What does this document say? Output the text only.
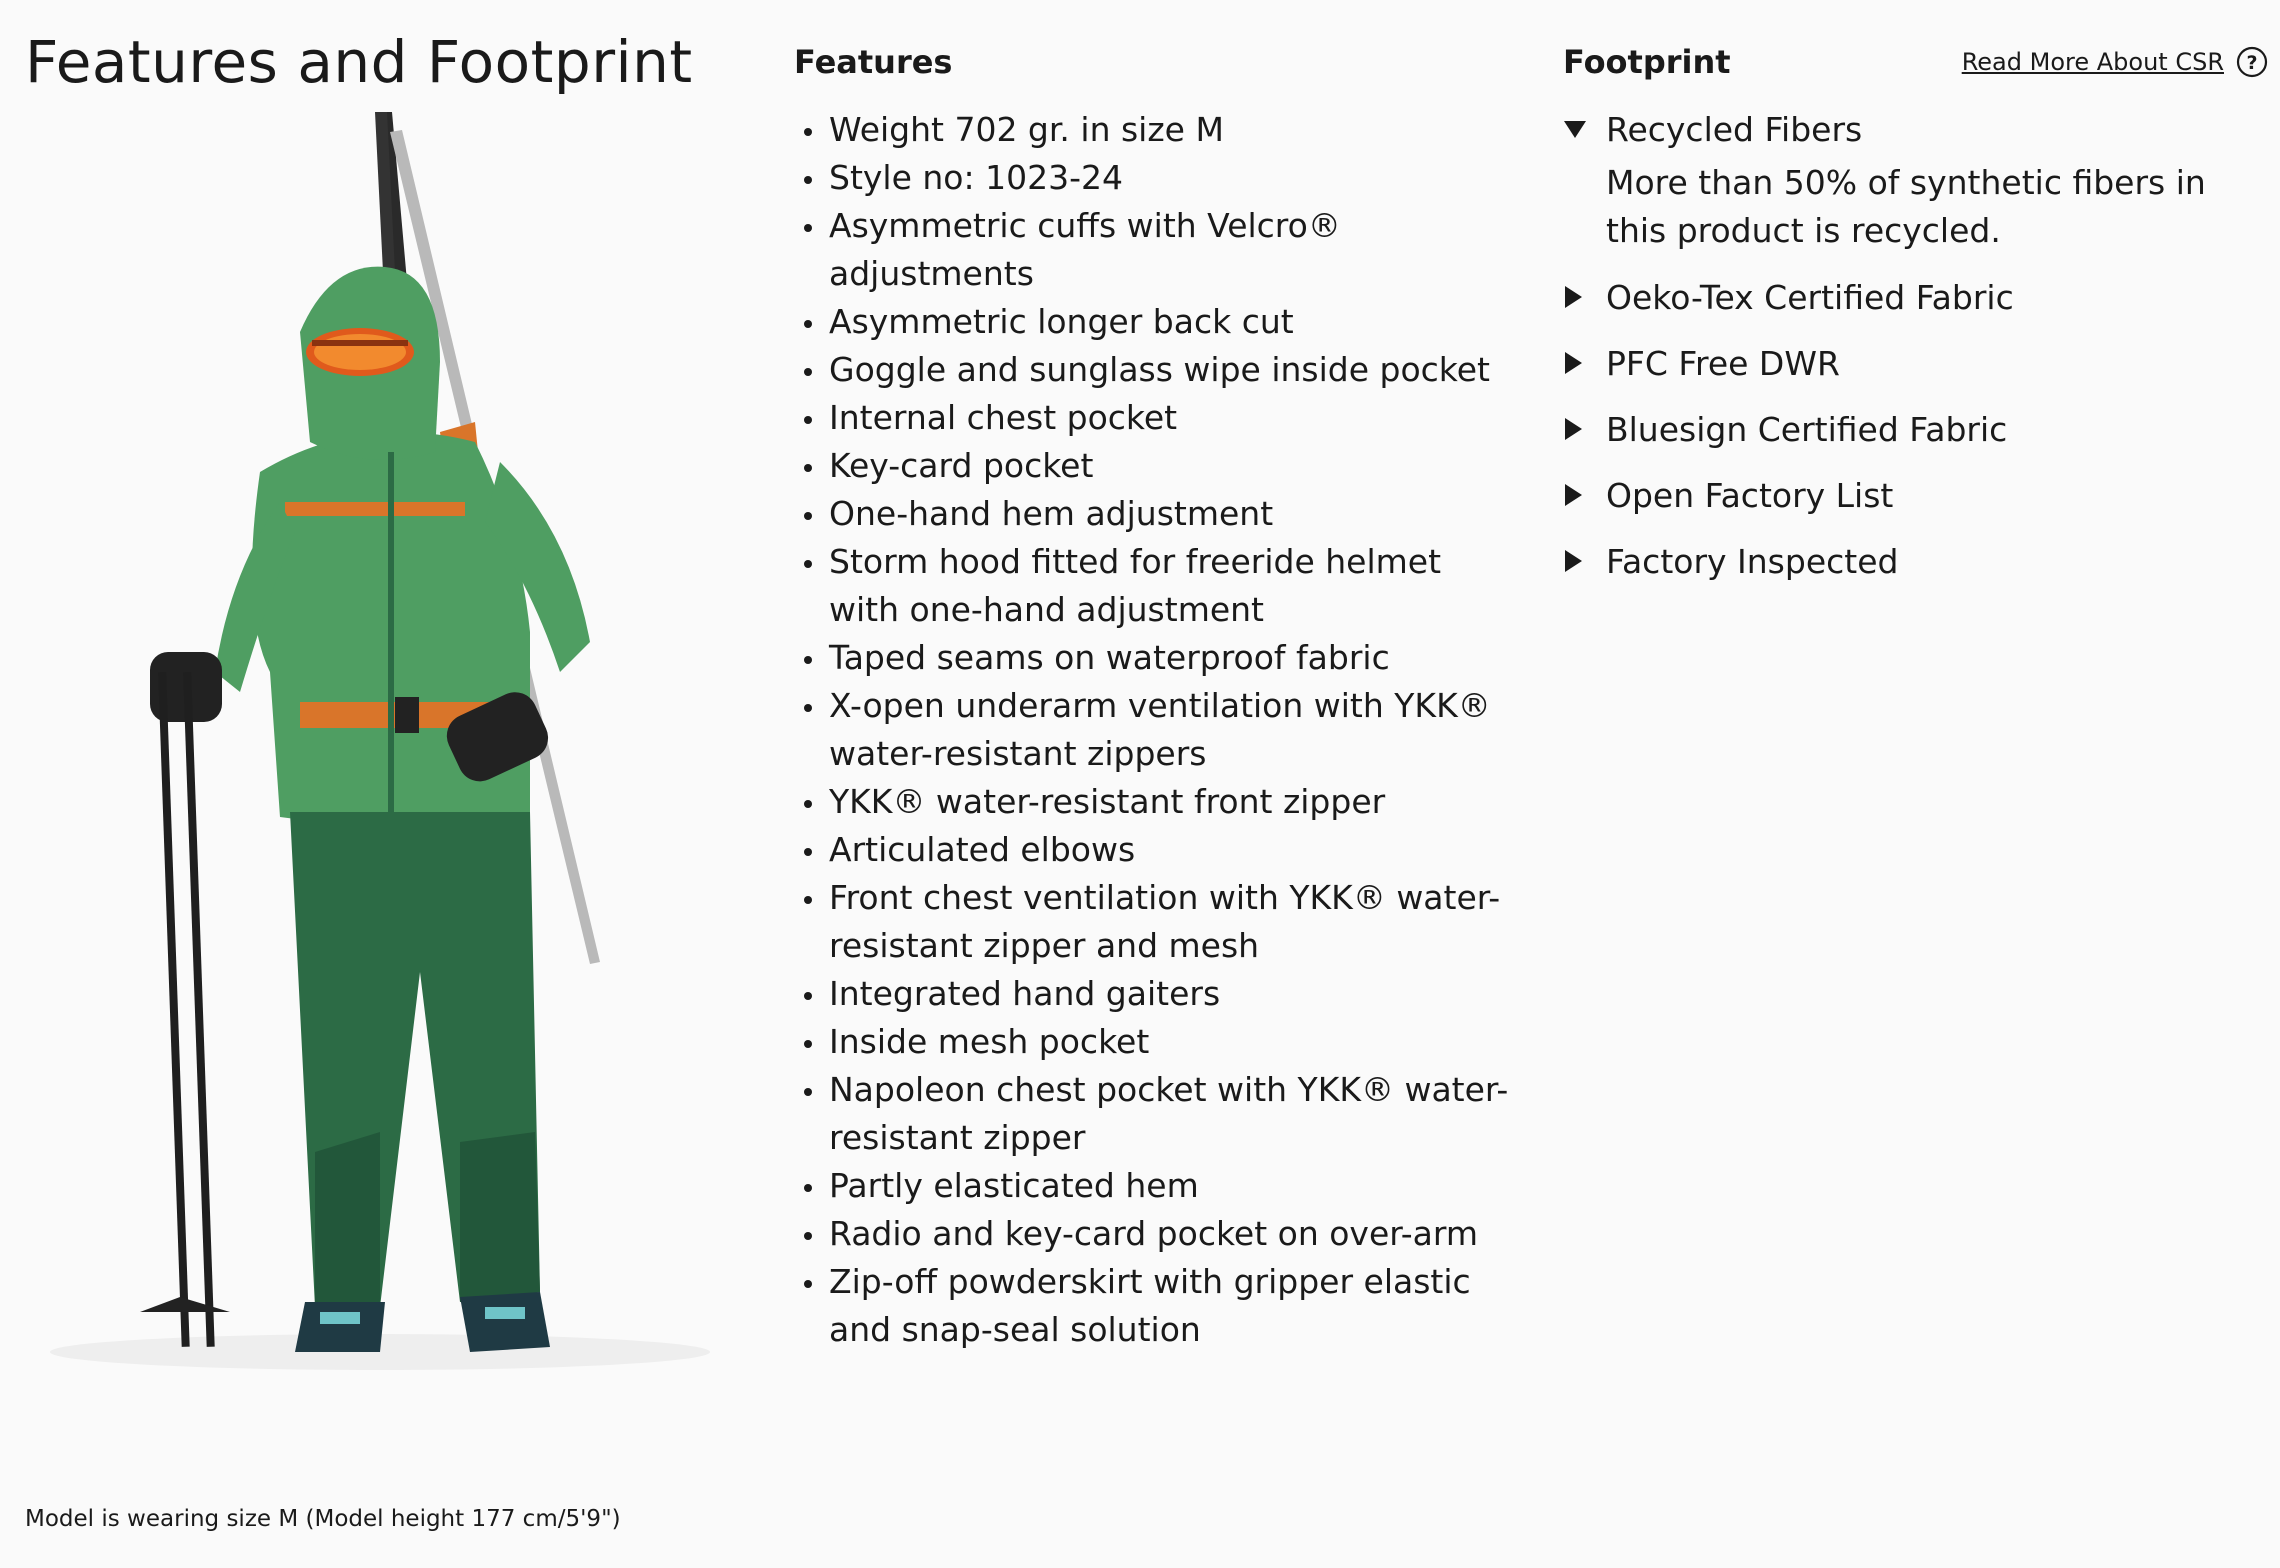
Features and Footprint

Model is wearing size M (Model height 177 cm/5'9")

Features
Weight 702 gr. in size M
Style no: 1023-24
Asymmetric cuffs with Velcro® adjustments
Asymmetric longer back cut
Goggle and sunglass wipe inside pocket
Internal chest pocket
Key-card pocket
One-hand hem adjustment
Storm hood fitted for freeride helmet with one-hand adjustment
Taped seams on waterproof fabric
X-open underarm ventilation with YKK® water-resistant zippers
YKK® water-resistant front zipper
Articulated elbows
Front chest ventilation with YKK® water-resistant zipper and mesh
Integrated hand gaiters
Inside mesh pocket
Napoleon chest pocket with YKK® water-resistant zipper
Partly elasticated hem
Radio and key-card pocket on over-arm
Zip-off powderskirt with gripper elastic and snap-seal solution
Footprint	Read More About CSR ?
Recycled Fibers

More than 50% of synthetic fibers in this product is recycled.

Oeko-Tex Certified Fabric
PFC Free DWR
Bluesign Certified Fabric
Open Factory List
Factory Inspected
